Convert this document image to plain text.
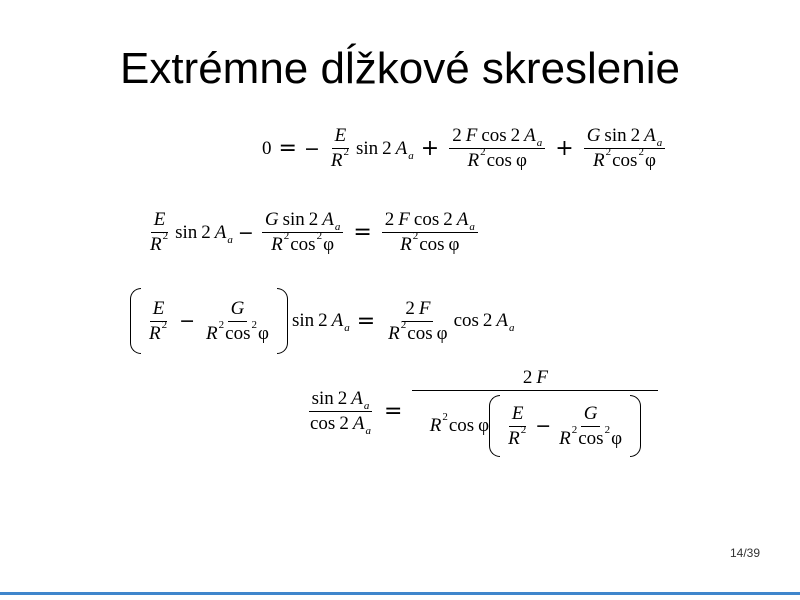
Extrémne dĺžkové skreslenie
0 = − $\frac{E}{R 2}$ sin 2 A $a + \frac{\text{2 F cos 2 A a}}{\text{R 2 cos φ}} + \frac{\text{G sin 2 A a}}{R 2 \cos 2 \varphi}$
$\frac{E}{R 2}$ sin 2 A $a - \frac{\text{G sin 2 A a}}{R 2 \cos 2 \varphi} = \frac{\text{2 F cos 2 A a}}{\text{R 2 cos φ}}$
$\frac{E}{R 2} - \frac{G}{R 2 \cos 2 \varphi}$ sin 2 A $a = \frac{2 F}{\text{R 2 cos φ}}$ cos 2 A a
$\frac{\text{sin 2 A a}}{\text{cos 2 A a}}$ =
2 F
R 2 cos φ $\frac{E}{R 2} - \frac{G}{R 2 \cos 2 \varphi}$
14/39
